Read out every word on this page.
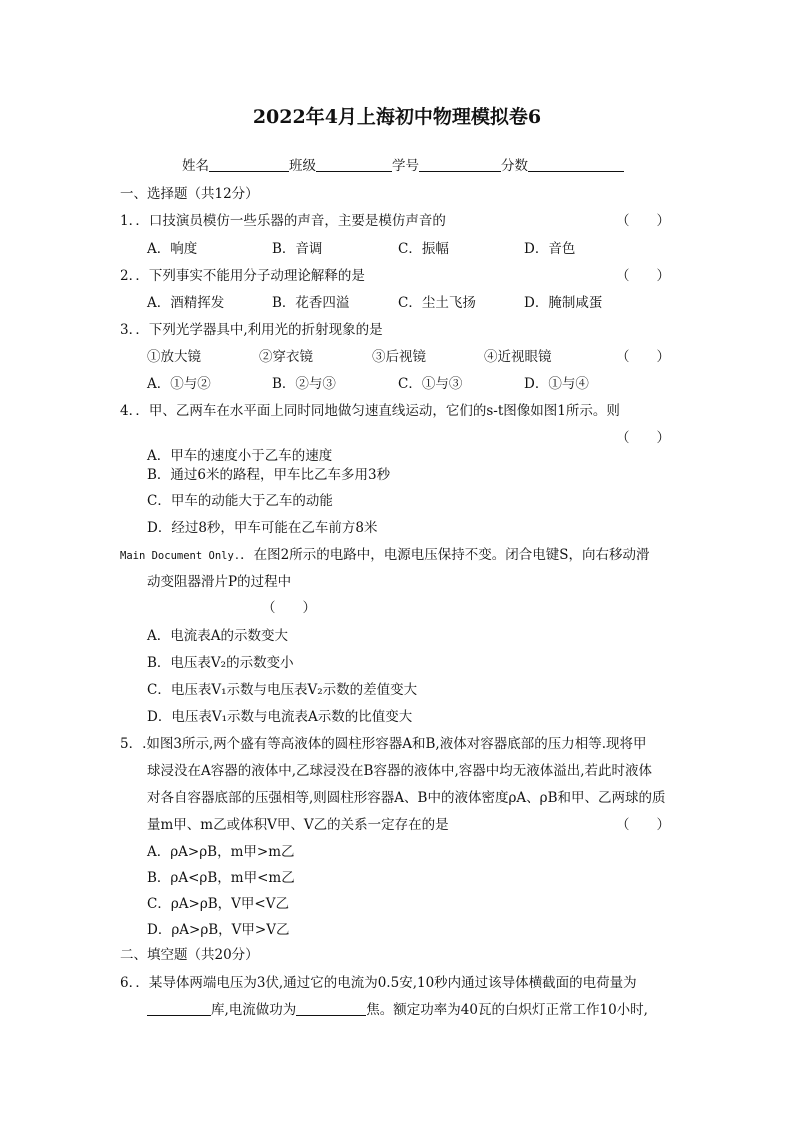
2022年4月上海初中物理模拟卷6
姓名	班级	学号	分数
一、选择题（共12分）
1．．口技演员模仿一些乐器的声音，主要是模仿声音的	（　　）
A．响度	B．音调	C．振幅	D．音色
2．．下列事实不能用分子动理论解释的是	（　　）
A．酒精挥发	B．花香四溢	C．尘土飞扬	D．腌制咸蛋
3．．下列光学器具中,利用光的折射现象的是
①放大镜	②穿衣镜	③后视镜	④近视眼镜	（　　）
A．①与②	B．②与③	C．①与③	D．①与④
4．．甲、乙两车在水平面上同时同地做匀速直线运动，它们的s-t图像如图1所示。则
（　　）
A．甲车的速度小于乙车的速度
B．通过6米的路程，甲车比乙车多用3秒
C．甲车的动能大于乙车的动能
D．经过8秒，甲车可能在乙车前方8米
Main Document Only.．在图2所示的电路中，电源电压保持不变。闭合电键S，向右移动滑
动变阻器滑片P的过程中
（　　）
A．电流表A的示数变大
B．电压表V₂的示数变小
C．电压表V₁示数与电压表V₂示数的差值变大
D．电压表V₁示数与电流表A示数的比值变大
5．.如图3所示,两个盛有等高液体的圆柱形容器A和B,液体对容器底部的压力相等.现将甲
球浸没在A容器的液体中,乙球浸没在B容器的液体中,容器中均无液体溢出,若此时液体
对各自容器底部的压强相等,则圆柱形容器A、B中的液体密度ρA、ρB和甲、乙两球的质
量m甲、m乙或体积V甲、V乙的关系一定存在的是	（　　）
A．ρA>ρB，m甲>m乙
B．ρA<ρB，m甲<m乙
C．ρA>ρB，V甲<V乙
D．ρA>ρB，V甲>V乙
二、填空题（共20分）
6．．某导体两端电压为3伏,通过它的电流为0.5安,10秒内通过该导体横截面的电荷量为
库,电流做功为	焦。额定功率为40瓦的白炽灯正常工作10小时,
